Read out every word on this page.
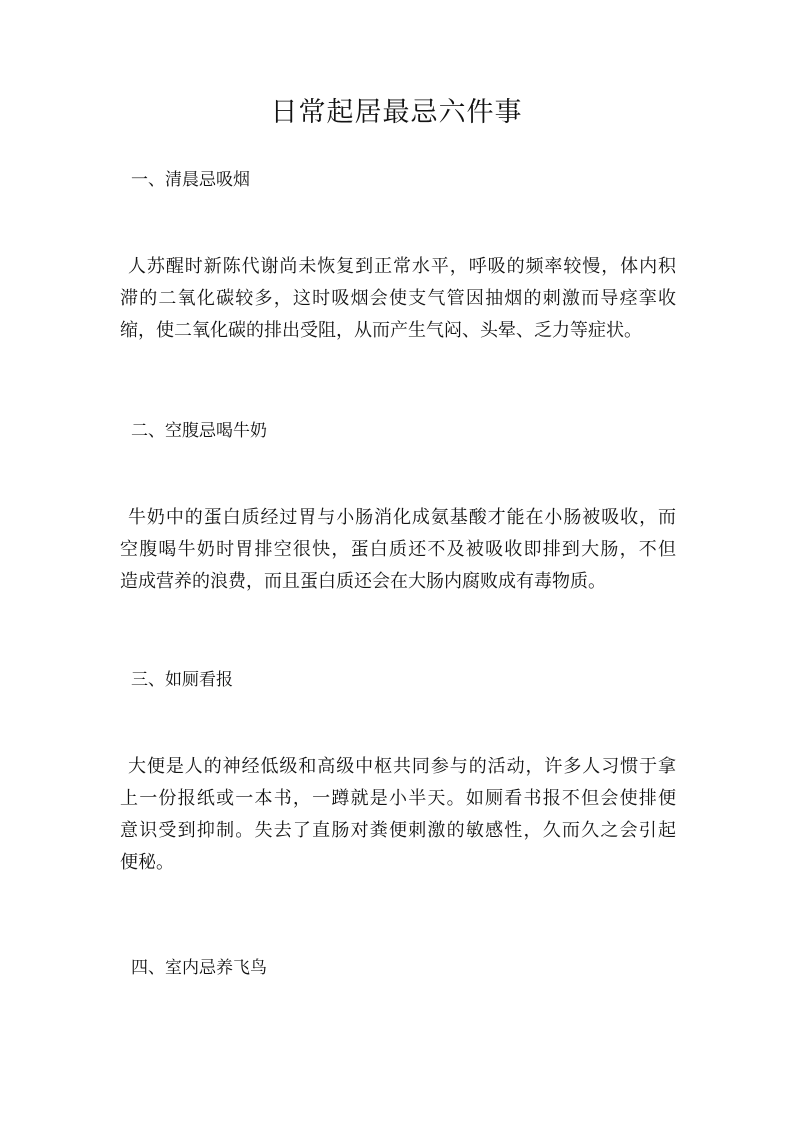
日常起居最忌六件事
一、清晨忌吸烟
人苏醒时新陈代谢尚未恢复到正常水平，呼吸的频率较慢，体内积
滞的二氧化碳较多，这时吸烟会使支气管因抽烟的刺激而导痉挛收
缩，使二氧化碳的排出受阻，从而产生气闷、头晕、乏力等症状。
二、空腹忌喝牛奶
牛奶中的蛋白质经过胃与小肠消化成氨基酸才能在小肠被吸收，而
空腹喝牛奶时胃排空很快，蛋白质还不及被吸收即排到大肠，不但
造成营养的浪费，而且蛋白质还会在大肠内腐败成有毒物质。
三、如厕看报
大便是人的神经低级和高级中枢共同参与的活动，许多人习惯于拿
上一份报纸或一本书，一蹲就是小半天。如厕看书报不但会使排便
意识受到抑制。失去了直肠对粪便刺激的敏感性，久而久之会引起
便秘。
四、室内忌养飞鸟
